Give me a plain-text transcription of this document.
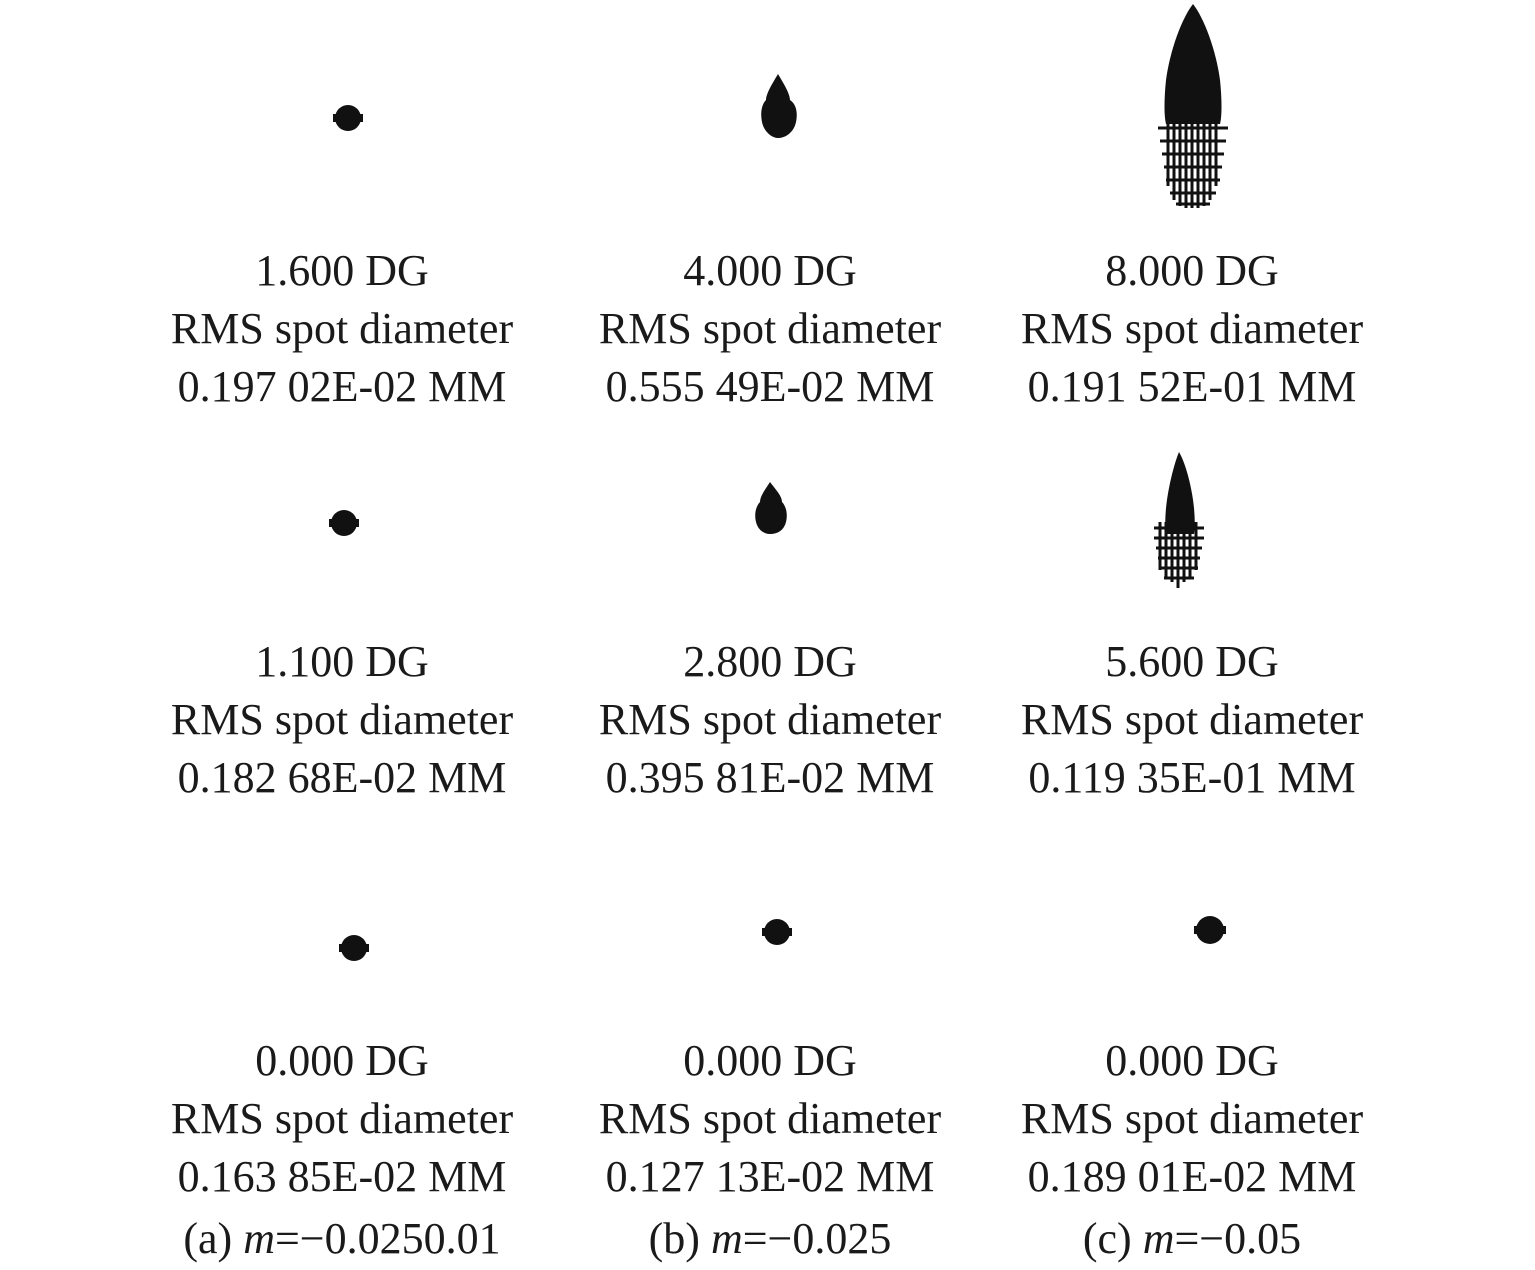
1.600 DG
RMS spot diameter
0.197 02E-02 MM
4.000 DG
RMS spot diameter
0.555 49E-02 MM
8.000 DG
RMS spot diameter
0.191 52E-01 MM
1.100 DG
RMS spot diameter
0.182 68E-02 MM
2.800 DG
RMS spot diameter
0.395 81E-02 MM
5.600 DG
RMS spot diameter
0.119 35E-01 MM
0.000 DG
RMS spot diameter
0.163 85E-02 MM
0.000 DG
RMS spot diameter
0.127 13E-02 MM
0.000 DG
RMS spot diameter
0.189 01E-02 MM
(a) m=−0.0250.01	(b) m=−0.025	(c) m=−0.05
